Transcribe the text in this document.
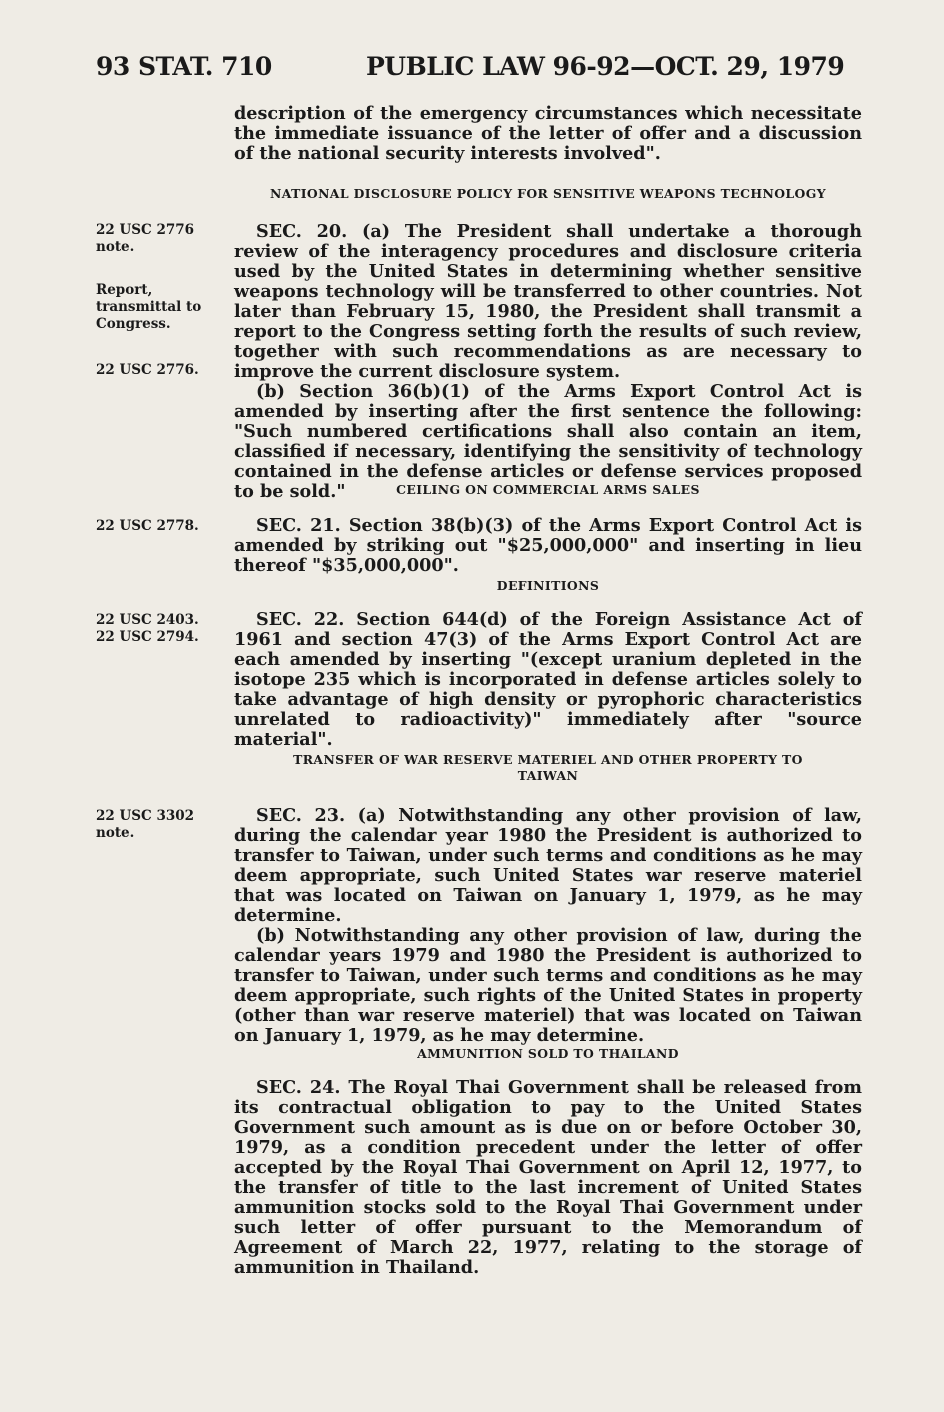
93 STAT. 710	PUBLIC LAW 96-92—OCT. 29, 1979

description of the emergency circumstances which necessitate the immediate issuance of the letter of offer and a discussion of the national security interests involved".

NATIONAL DISCLOSURE POLICY FOR SENSITIVE WEAPONS TECHNOLOGY
22 USC 2776
note.
Report,
transmittal to
Congress.
22 USC 2776.

SEC. 20. (a) The President shall undertake a thorough review of the interagency procedures and disclosure criteria used by the United States in determining whether sensitive weapons technology will be transferred to other countries. Not later than February 15, 1980, the President shall transmit a report to the Congress setting forth the results of such review, together with such recommendations as are necessary to improve the current disclosure system.

(b) Section 36(b)(1) of the Arms Export Control Act is amended by inserting after the first sentence the following: "Such numbered certifications shall also contain an item, classified if necessary, identifying the sensitivity of technology contained in the defense articles or defense services proposed to be sold."	CEILING ON COMMERCIAL ARMS SALES
22 USC 2778.	SEC. 21. Section 38(b)(3) of the Arms Export Control Act is amended by striking out "$25,000,000" and inserting in lieu thereof "$35,000,000".

DEFINITIONS
22 USC 2403.
22 USC 2794.

SEC. 22. Section 644(d) of the Foreign Assistance Act of 1961 and section 47(3) of the Arms Export Control Act are each amended by inserting "(except uranium depleted in the isotope 235 which is incorporated in defense articles solely to take advantage of high density or pyrophoric characteristics unrelated to radioactivity)" immediately after "source material".

TRANSFER OF WAR RESERVE MATERIEL AND OTHER PROPERTY TO
TAIWAN
22 USC 3302
note.

SEC. 23. (a) Notwithstanding any other provision of law, during the calendar year 1980 the President is authorized to transfer to Taiwan, under such terms and conditions as he may deem appropriate, such United States war reserve materiel that was located on Taiwan on January 1, 1979, as he may determine.

(b) Notwithstanding any other provision of law, during the calendar years 1979 and 1980 the President is authorized to transfer to Taiwan, under such terms and conditions as he may deem appropriate, such rights of the United States in property (other than war reserve materiel) that was located on Taiwan on January 1, 1979, as he may determine.

AMMUNITION SOLD TO THAILAND

SEC. 24. The Royal Thai Government shall be released from its contractual obligation to pay to the United States Government such amount as is due on or before October 30, 1979, as a condition precedent under the letter of offer accepted by the Royal Thai Government on April 12, 1977, to the transfer of title to the last increment of United States ammunition stocks sold to the Royal Thai Government under such letter of offer pursuant to the Memorandum of Agreement of March 22, 1977, relating to the storage of ammunition in Thailand.
